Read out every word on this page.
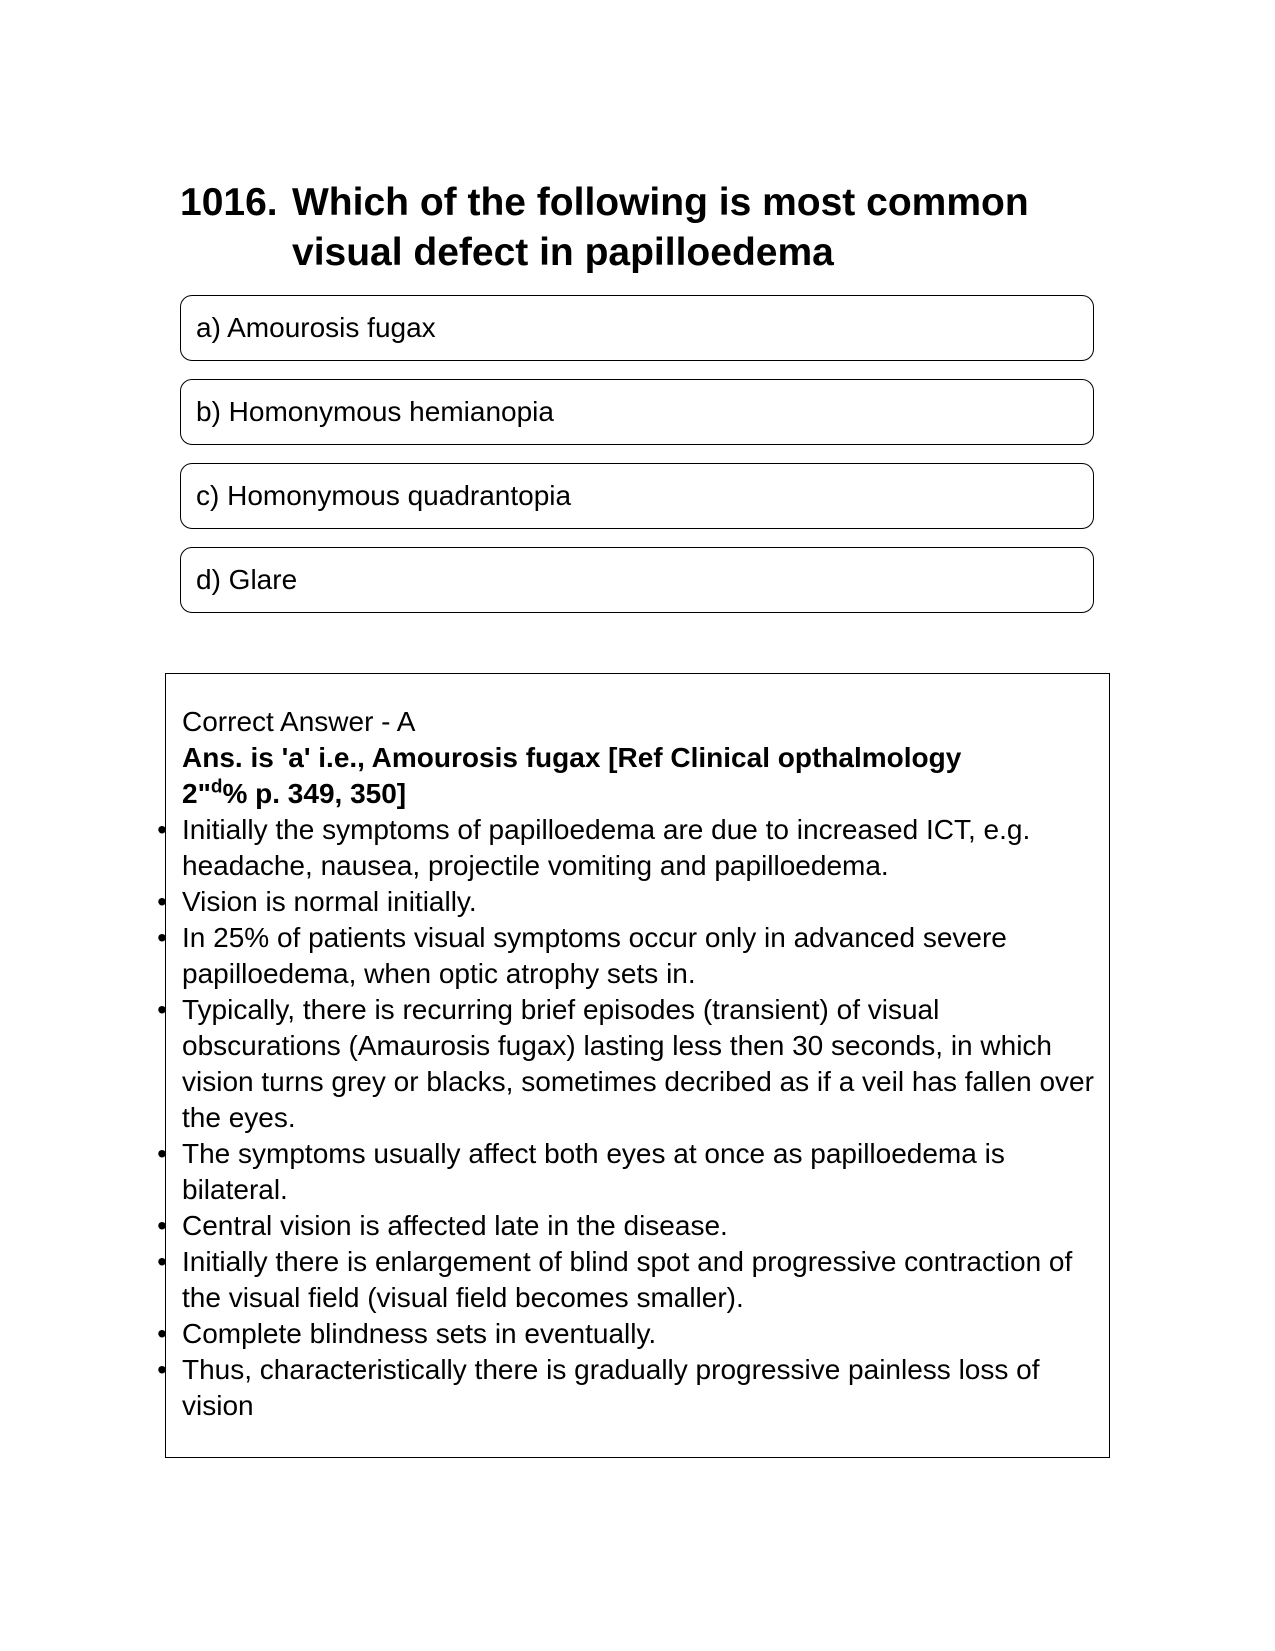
1016. Which of the following is most common visual defect in papilloedema
a) Amourosis fugax
b) Homonymous hemianopia
c) Homonymous quadrantopia
d) Glare
Correct Answer - A
Ans. is 'a' i.e., Amourosis fugax [Ref Clinical opthalmology
2"$^d$% p. 349, 350]
• Initially the symptoms of papilloedema are due to increased ICT, e.g. headache, nausea, projectile vomiting and papilloedema.
• Vision is normal initially.
• In 25% of patients visual symptoms occur only in advanced severe papilloedema, when optic atrophy sets in.
• Typically, there is recurring brief episodes (transient) of visual obscurations (Amaurosis fugax) lasting less then 30 seconds, in which vision turns grey or blacks, sometimes decribed as if a veil has fallen over the eyes.
• The symptoms usually affect both eyes at once as papilloedema is bilateral.
• Central vision is affected late in the disease.
• Initially there is enlargement of blind spot and progressive contraction of the visual field (visual field becomes smaller).
• Complete blindness sets in eventually.
• Thus, characteristically there is gradually progressive painless loss of vision
